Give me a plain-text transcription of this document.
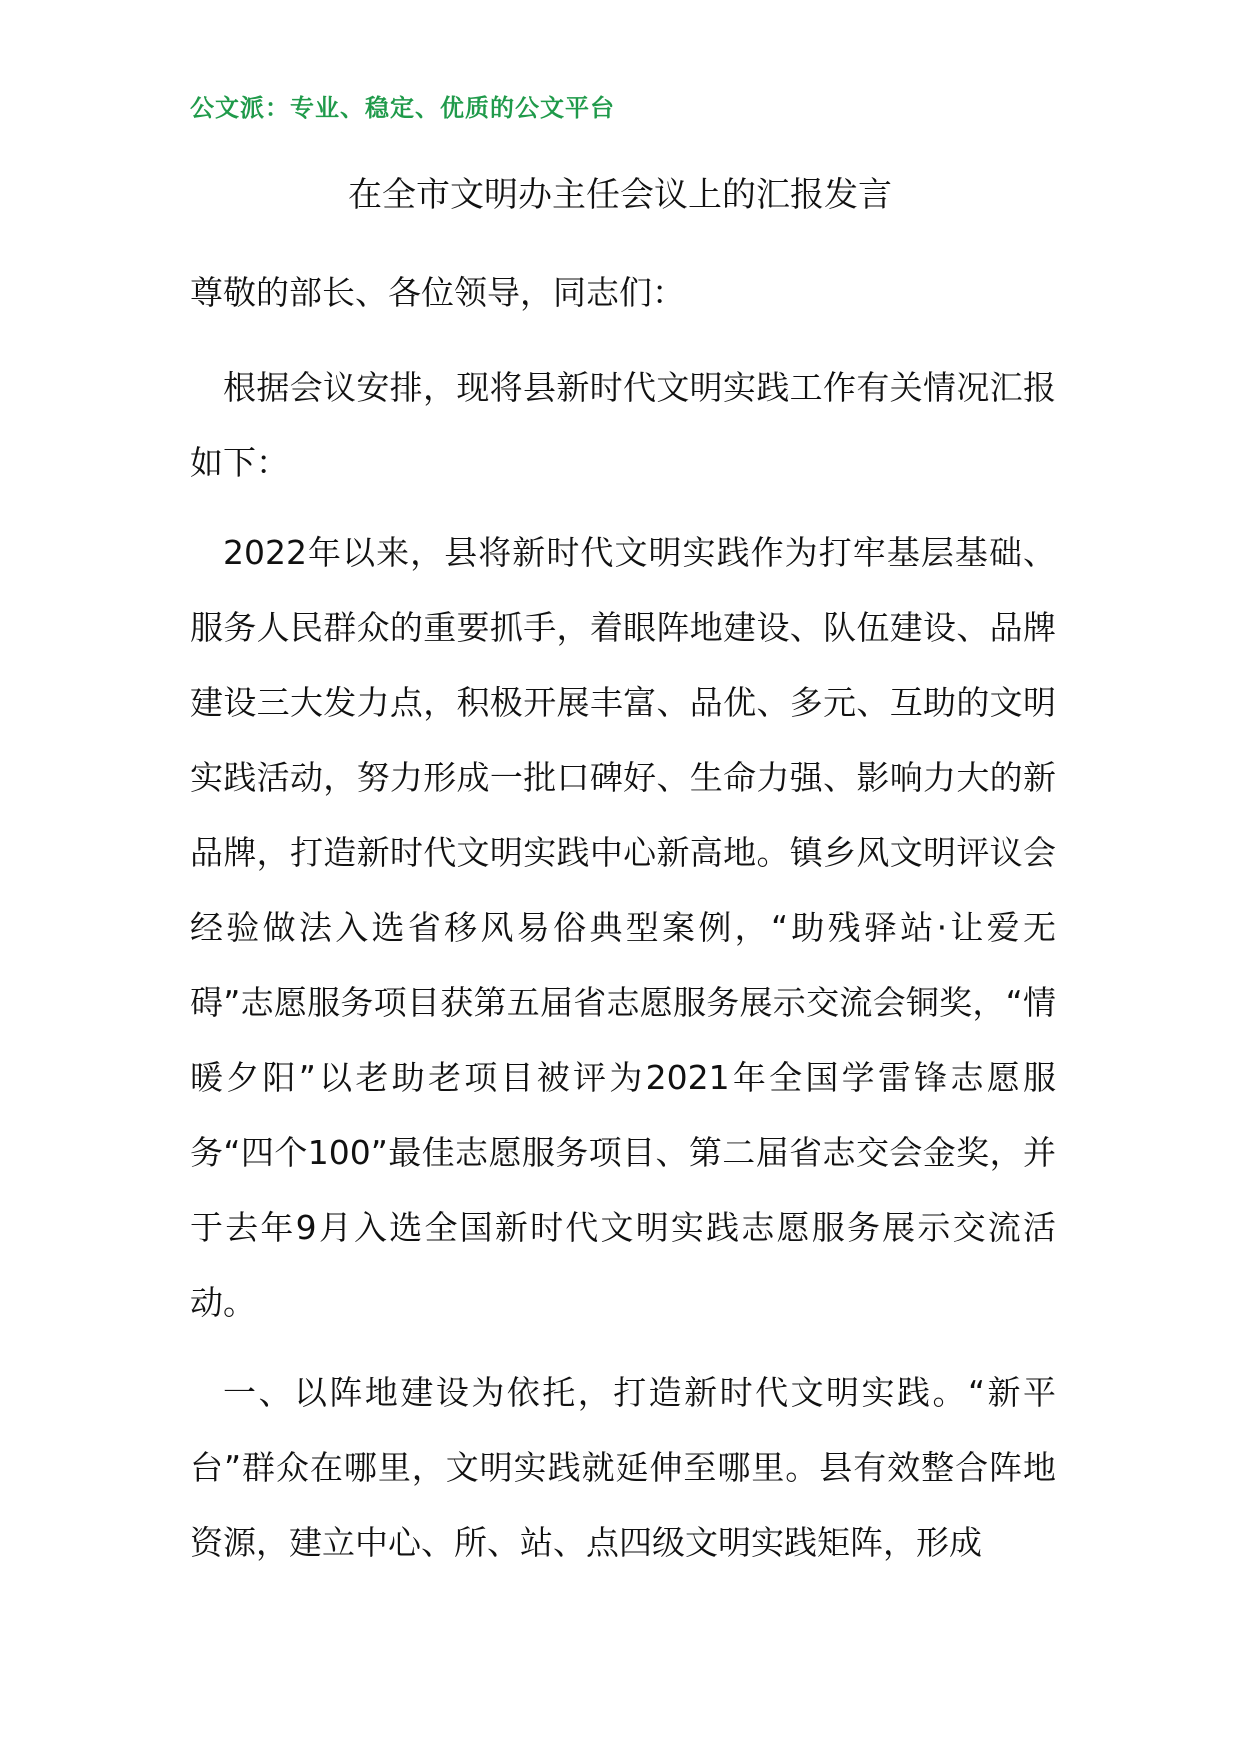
公文派：专业、稳定、优质的公文平台
在全市文明办主任会议上的汇报发言
尊敬的部长、各位领导，同志们：
根据会议安排，现将县新时代文明实践工作有关情况汇报如下：
2022年以来，县将新时代文明实践作为打牢基层基础、服务人民群众的重要抓手，着眼阵地建设、队伍建设、品牌建设三大发力点，积极开展丰富、品优、多元、互助的文明实践活动，努力形成一批口碑好、生命力强、影响力大的新品牌，打造新时代文明实践中心新高地。镇乡风文明评议会经验做法入选省移风易俗典型案例，“助残驿站·让爱无碍”志愿服务项目获第五届省志愿服务展示交流会铜奖，“情暖夕阳”以老助老项目被评为2021年全国学雷锋志愿服务“四个100”最佳志愿服务项目、第二届省志交会金奖，并于去年9月入选全国新时代文明实践志愿服务展示交流活动。
一、以阵地建设为依托，打造新时代文明实践。“新平台”群众在哪里，文明实践就延伸至哪里。县有效整合阵地资源，建立中心、所、站、点四级文明实践矩阵，形成
